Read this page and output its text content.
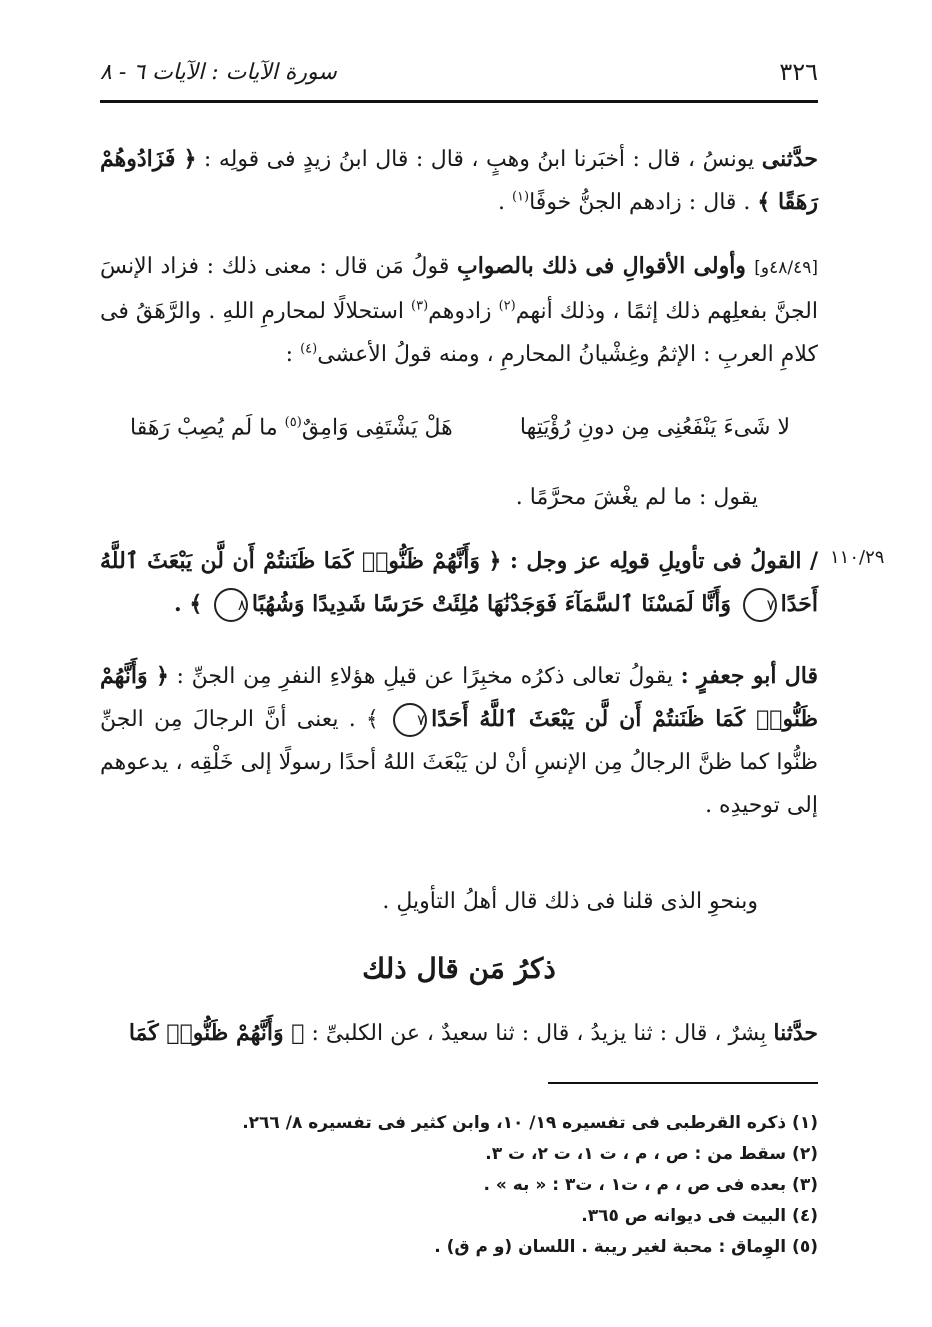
سورة الآيات : الآيات ٦ - ٨	٣٢٦
حدَّثنى يونسُ ، قال : أخبَرنا ابنُ وهبٍ ، قال : قال ابنُ زيدٍ فى قولِه : ﴿ فَزَادُوهُمْ رَهَقًا ﴾ . قال : زادهم الجنُّ خوفًا$^{(١)}$ .
[٤٨/٤٩و] وأولى الأقوالِ فى ذلك بالصوابِ قولُ مَن قال : معنى ذلك : فزاد الإنسَ الجنَّ بفعلِهم ذلك إثمًا ، وذلك أنهم$^{(٢)}$ زادوهم$^{(٣)}$ استحلالًا لمحارمِ اللهِ . والرَّهَقُ فى كلامِ العربِ : الإثمُ وغِشْيانُ المحارمِ ، ومنه قولُ الأعشى$^{(٤)}$ :
لا شَىءَ يَنْفَعُنِى مِن دونِ رُؤْيَتِها
هَلْ يَشْتَفِى وَامِقٌ$^{(٥)}$ ما لَم يُصِبْ رَهَقا
يقول : ما لم يغْشَ محرَّمًا .
١١٠/٢٩
/ القولُ فى تأويلِ قولِه عز وجل : ﴿ وَأَنَّهُمْ ظَنُّوا۟ كَمَا ظَنَنتُمْ أَن لَّن يَبْعَثَ ٱللَّهُ أَحَدًا٧ وَأَنَّا لَمَسْنَا ٱلسَّمَآءَ فَوَجَدْنَٰهَا مُلِئَتْ حَرَسًا شَدِيدًا وَشُهُبًا٨ ﴾ .
قال أبو جعفرٍ : يقولُ تعالى ذكرُه مخبِرًا عن قيلِ هؤلاءِ النفرِ مِن الجنِّ : ﴿ وَأَنَّهُمْ ظَنُّوا۟ كَمَا ظَنَنتُمْ أَن لَّن يَبْعَثَ ٱللَّهُ أَحَدًا٧ ﴾ . يعنى أنَّ الرجالَ مِن الجنِّ ظنُّوا كما ظنَّ الرجالُ مِن الإنسِ أنْ لن يَبْعَثَ اللهُ أحدًا رسولًا إلى خَلْقِه ، يدعوهم إلى توحيدِه .
وبنحوِ الذى قلنا فى ذلك قال أهلُ التأويلِ .
ذكرُ مَن قال ذلك
حدَّثنا بِشرٌ ، قال : ثنا يزيدُ ، قال : ثنا سعيدٌ ، عن الكلبىِّ : ﴿ وَأَنَّهُمْ ظَنُّوا۟ كَمَا
(١) ذكره القرطبى فى تفسيره ١٩/ ١٠، وابن كثير فى تفسيره ٨/ ٢٦٦.
(٢) سقط من : ص ، م ، ت ١، ت ٢، ت ٣.
(٣) بعده فى ص ، م ، ت١ ، ت٣ : « به » .
(٤) البيت فى ديوانه ص ٣٦٥.
(٥) الوِماق : محبة لغير ريبة . اللسان (و م ق) .
